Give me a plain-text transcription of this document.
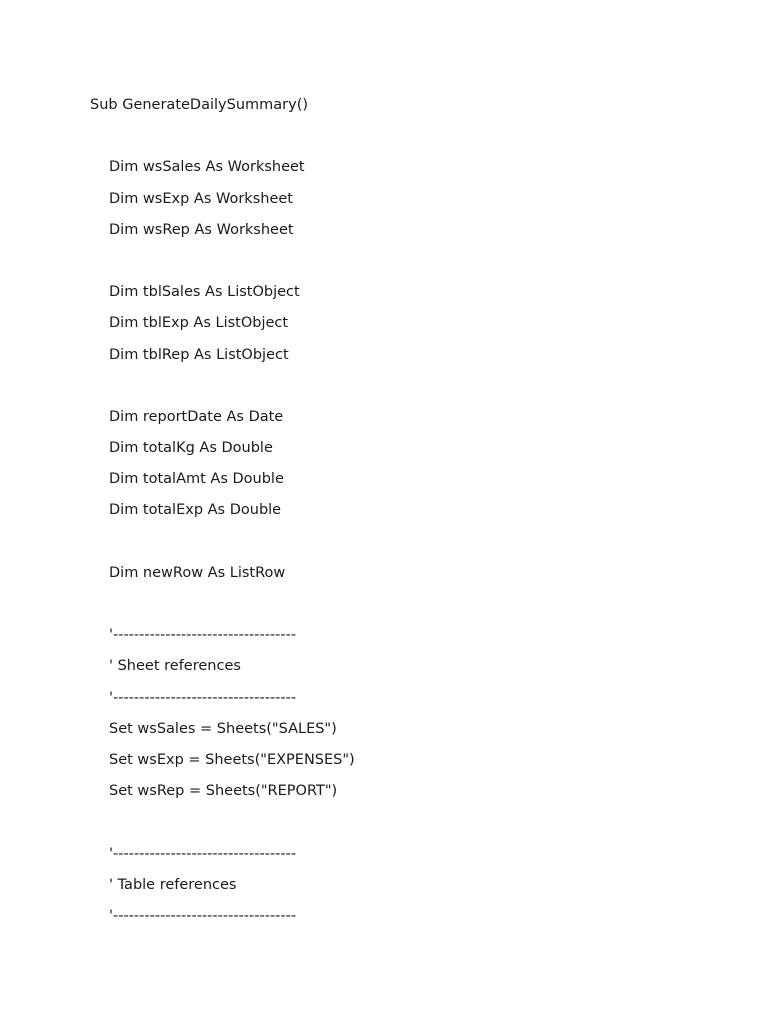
Sub GenerateDailySummary()
Dim wsSales As Worksheet
Dim wsExp As Worksheet
Dim wsRep As Worksheet
Dim tblSales As ListObject
Dim tblExp As ListObject
Dim tblRep As ListObject
Dim reportDate As Date
Dim totalKg As Double
Dim totalAmt As Double
Dim totalExp As Double
Dim newRow As ListRow
'-----------------------------------
' Sheet references
'-----------------------------------
Set wsSales = Sheets("SALES")
Set wsExp = Sheets("EXPENSES")
Set wsRep = Sheets("REPORT")
'-----------------------------------
' Table references
'-----------------------------------
